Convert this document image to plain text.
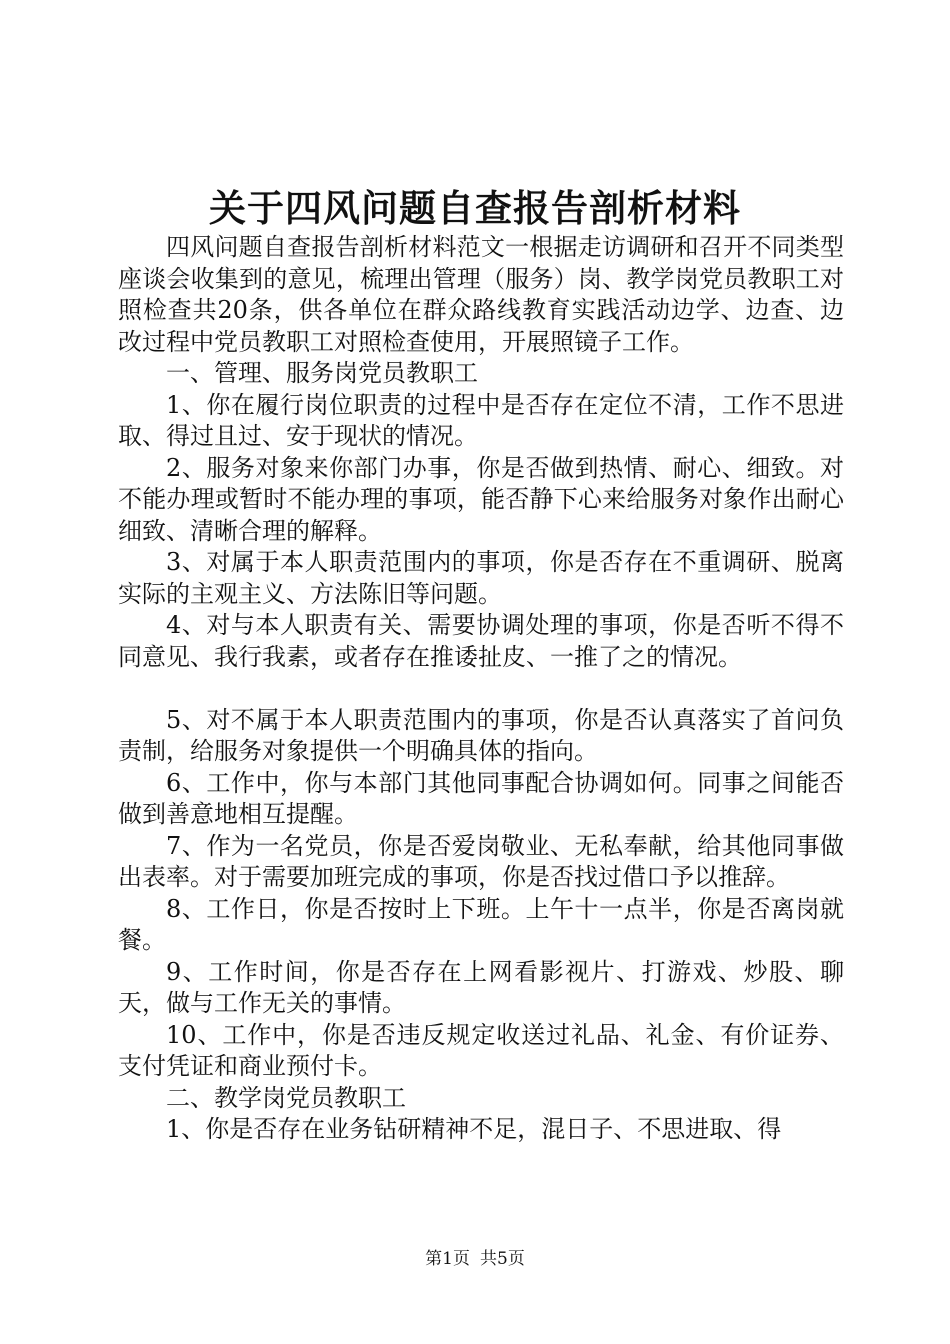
关于四风问题自查报告剖析材料

四风问题自查报告剖析材料范文一根据走访调研和召开不同类型座谈会收集到的意见，梳理出管理（服务）岗、教学岗党员教职工对照检查共20条，供各单位在群众路线教育实践活动边学、边查、边改过程中党员教职工对照检查使用，开展照镜子工作。

一、管理、服务岗党员教职工

1、你在履行岗位职责的过程中是否存在定位不清，工作不思进取、得过且过、安于现状的情况。

2、服务对象来你部门办事，你是否做到热情、耐心、细致。对不能办理或暂时不能办理的事项，能否静下心来给服务对象作出耐心细致、清晰合理的解释。

3、对属于本人职责范围内的事项，你是否存在不重调研、脱离实际的主观主义、方法陈旧等问题。

4、对与本人职责有关、需要协调处理的事项，你是否听不得不同意见、我行我素，或者存在推诿扯皮、一推了之的情况。

5、对不属于本人职责范围内的事项，你是否认真落实了首问负责制，给服务对象提供一个明确具体的指向。

6、工作中，你与本部门其他同事配合协调如何。同事之间能否做到善意地相互提醒。

7、作为一名党员，你是否爱岗敬业、无私奉献，给其他同事做出表率。对于需要加班完成的事项，你是否找过借口予以推辞。

8、工作日，你是否按时上下班。上午十一点半，你是否离岗就餐。

9、工作时间，你是否存在上网看影视片、打游戏、炒股、聊天，做与工作无关的事情。

10、工作中，你是否违反规定收送过礼品、礼金、有价证券、支付凭证和商业预付卡。

二、教学岗党员教职工

1、你是否存在业务钻研精神不足，混日子、不思进取、得

第1页 共5页
